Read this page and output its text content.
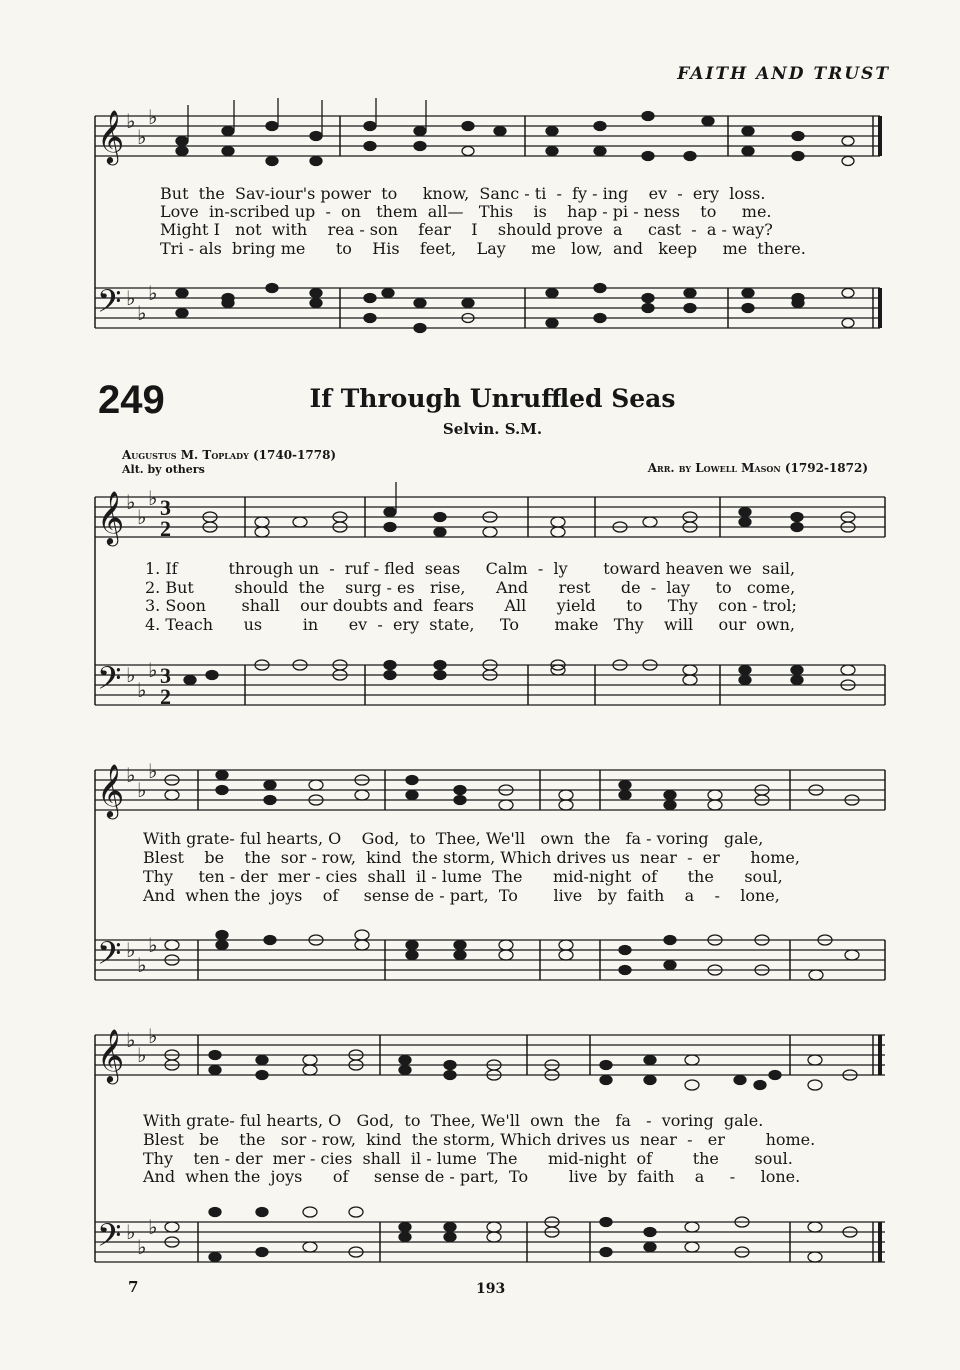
FAITH AND TRUST
𝄞
𝄢
𝄞
𝄢
𝄞
𝄢
𝄞
𝄢
♭
♭
♭
♭
♭
♭
♭
♭
♭
♭
♭
♭
♭
♭
♭
♭
♭
♭
♭
♭
♭
♭
♭
♭
3
2
3
2

But  the  Sav-iour's power  to     know,  Sanc - ti  -  fy - ing    ev  -  ery  loss.

Love  in-scribed up  -  on   them  all—   This    is    hap - pi - ness    to     me.

Might I   not  with    rea - son    fear    I    should prove  a     cast  -  a - way?

Tri - als  bring me      to    His    feet,    Lay     me   low,  and   keep     me  there.

249	If Through Unruffled Seas
Selvin. S.M.
Augustus M. Toplady (1740-1778)
Alt. by others	Arr. by Lowell Mason (1792-1872)

1. If          through un  -  ruf - fled  seas     Calm  -  ly       toward heaven we  sail,

2. But        should  the    surg - es   rise,      And      rest      de  -  lay     to   come,

3. Soon       shall    our doubts and  fears      All      yield      to     Thy    con - trol;

4. Teach      us        in      ev  -  ery  state,     To       make   Thy    will     our  own,

With grate- ful hearts, O    God,  to  Thee, We'll   own  the   fa - voring   gale,

Blest    be    the  sor - row,  kind  the storm, Which drives us  near  -  er      home,

Thy     ten - der  mer - cies  shall  il - lume  The      mid-night  of      the      soul,

And  when the  joys    of     sense de - part,  To       live   by  faith    a    -    lone,

With grate- ful hearts, O   God,  to  Thee, We'll  own  the   fa   -  voring  gale.

Blest   be    the   sor - row,  kind  the storm, Which drives us  near  -   er        home.

Thy    ten - der  mer - cies  shall  il - lume  The      mid-night  of        the       soul.

And  when the  joys      of     sense de - part,  To        live  by  faith    a     -     lone.

7	193
